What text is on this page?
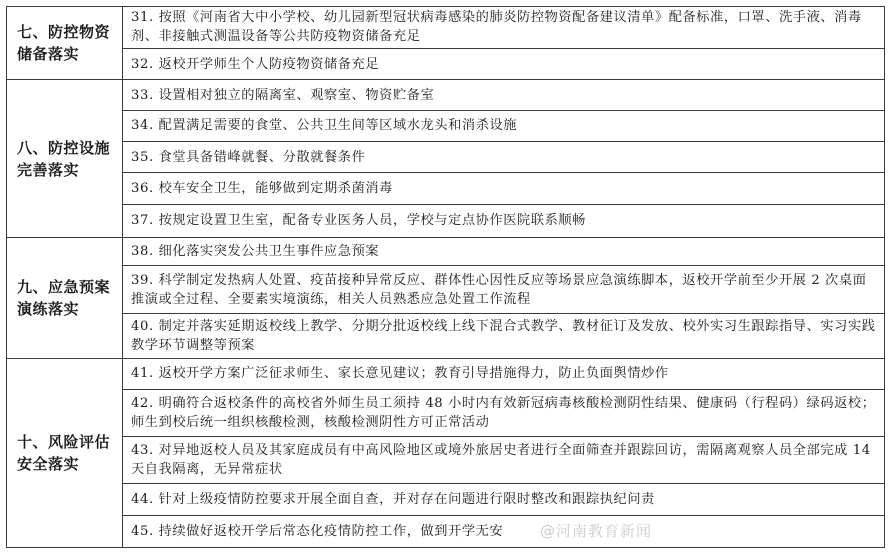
七、防控物资储备落实	31. 按照《河南省大中小学校、幼儿园新型冠状病毒感染的肺炎防控物资配备建议清单》配备标准，口罩、洗手液、消毒剂、非接触式测温设备等公共防疫物资储备充足
	32. 返校开学师生个人防疫物资储备充足
八、防控设施完善落实	33. 设置相对独立的隔离室、观察室、物资贮备室
	34. 配置满足需要的食堂、公共卫生间等区域水龙头和消杀设施
	35. 食堂具备错峰就餐、分散就餐条件
	36. 校车安全卫生，能够做到定期杀菌消毒
	37. 按规定设置卫生室，配备专业医务人员，学校与定点协作医院联系顺畅
九、应急预案演练落实	38. 细化落实突发公共卫生事件应急预案
	39. 科学制定发热病人处置、疫苗接种异常反应、群体性心因性反应等场景应急演练脚本，返校开学前至少开展 2 次桌面推演或全过程、全要素实境演练，相关人员熟悉应急处置工作流程
	40. 制定并落实延期返校线上教学、分期分批返校线上线下混合式教学、教材征订及发放、校外实习生跟踪指导、实习实践教学环节调整等预案
十、风险评估安全落实	41. 返校开学方案广泛征求师生、家长意见建议；教育引导措施得力，防止负面舆情炒作
	42. 明确符合返校条件的高校省外师生员工须持 48 小时内有效新冠病毒核酸检测阴性结果、健康码（行程码）绿码返校；师生到校后统一组织核酸检测，核酸检测阴性方可正常活动
	43. 对异地返校人员及其家庭成员有中高风险地区或境外旅居史者进行全面筛查并跟踪回访，需隔离观察人员全部完成 14 天自我隔离，无异常症状
	44. 针对上级疫情防控要求开展全面自查，并对存在问题进行限时整改和跟踪执纪问责
	45. 持续做好返校开学后常态化疫情防控工作，做到开学无安 @河南教育新闻
